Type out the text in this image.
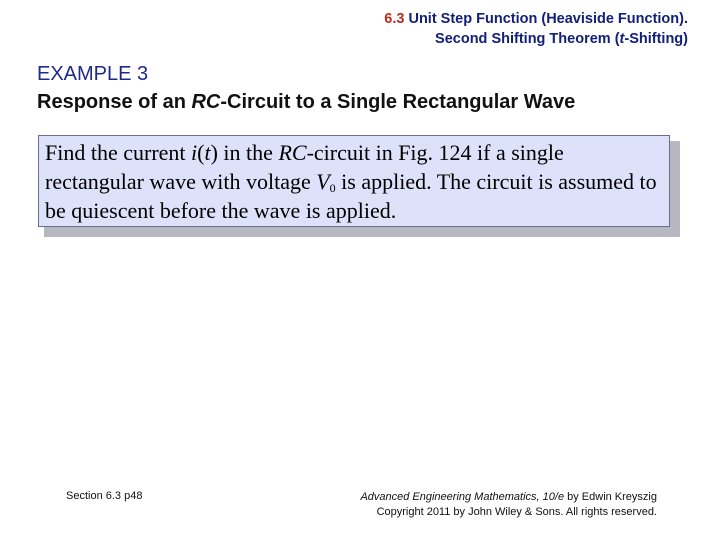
6.3 Unit Step Function (Heaviside Function).
Second Shifting Theorem (t-Shifting)
EXAMPLE 3
Response of an RC-Circuit to a Single Rectangular Wave
Find the current i(t) in the RC-circuit in Fig. 124 if a single rectangular wave with voltage $V_0$ is applied. The circuit is assumed to be quiescent before the wave is applied.
Section 6.3 p48	Advanced Engineering Mathematics, 10/e by Edwin Kreyszig
Copyright 2011 by John Wiley & Sons. All rights reserved.
